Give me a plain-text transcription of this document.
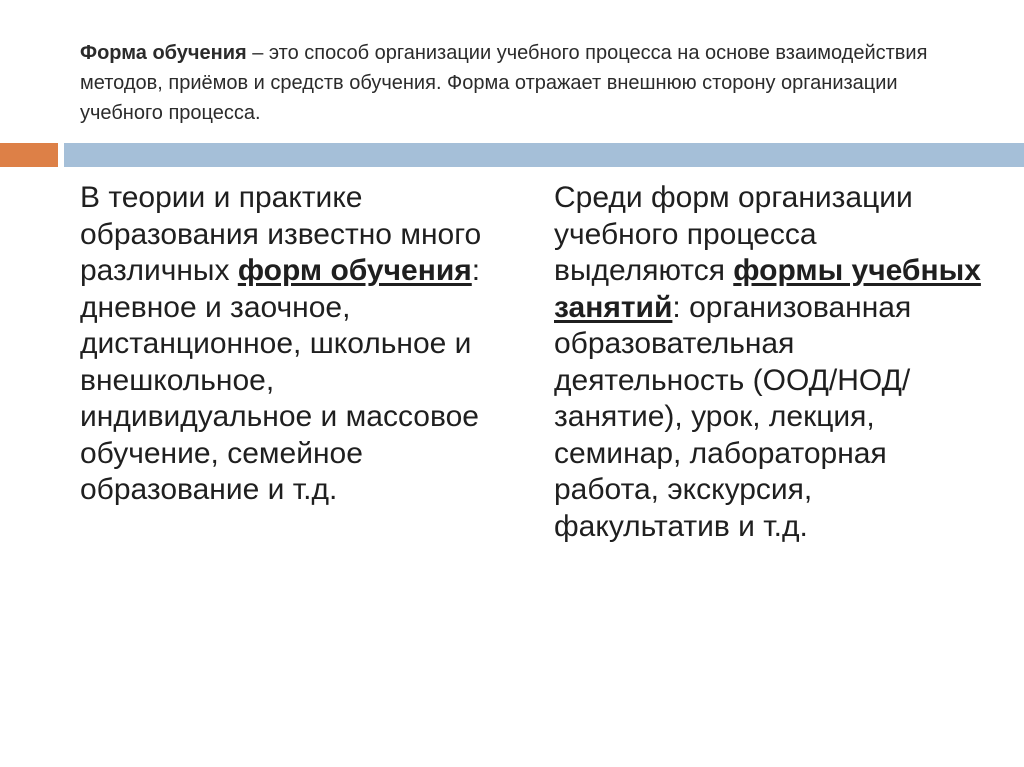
Форма обучения – это способ организации учебного процесса на основе взаимодействия методов, приёмов и средств обучения. Форма отражает внешнюю сторону организации учебного процесса.
В теории и практике образования известно много различных форм обучения: дневное и заочное, дистанционное, школьное и внешкольное, индивидуальное и массовое обучение, семейное образование и т.д.
Среди форм организации учебного процесса выделяются формы учебных занятий: организованная образовательная деятельность (ООД/НОД/занятие), урок, лекция, семинар, лабораторная работа, экскурсия, факультатив и т.д.
